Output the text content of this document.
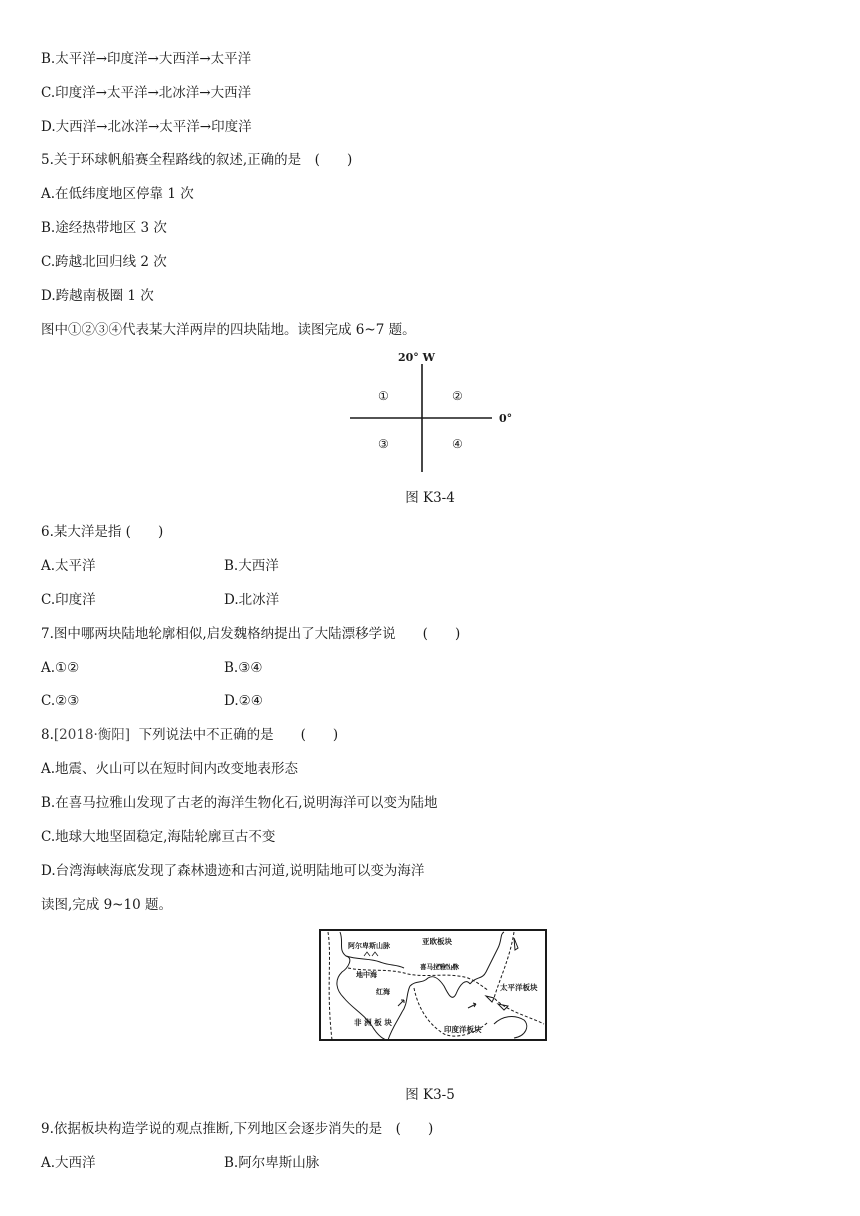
B.太平洋→印度洋→大西洋→太平洋
C.印度洋→太平洋→北冰洋→大西洋
D.大西洋→北冰洋→太平洋→印度洋
5.关于环球帆船赛全程路线的叙述,正确的是　(　　)
A.在低纬度地区停靠 1 次
B.途经热带地区 3 次
C.跨越北回归线 2 次
D.跨越南极圈 1 次
图中①②③④代表某大洋两岸的四块陆地。读图完成 6~7 题。
20° W
0°
①	②
③	④
图 K3-4
6.某大洋是指 (　　)
A.太平洋	B.大西洋
C.印度洋	D.北冰洋
7.图中哪两块陆地轮廓相似,启发魏格纳提出了大陆漂移学说　　(　　)
A.①②	B.③④
C.②③	D.②④
8.[2018·衡阳]  下列说法中不正确的是　　(　　)
A.地震、火山可以在短时间内改变地表形态
B.在喜马拉雅山发现了古老的海洋生物化石,说明海洋可以变为陆地
C.地球大地坚固稳定,海陆轮廓亘古不变
D.台湾海峡海底发现了森林遗迹和古河道,说明陆地可以变为海洋
读图,完成 9~10 题。
阿尔卑斯山脉	亚欧板块
喜马拉雅山脉
地中海
红海	太平洋板块
非 洲 板 块
印度洋板块
图 K3-5
9.依据板块构造学说的观点推断,下列地区会逐步消失的是　(　　)
A.大西洋	B.阿尔卑斯山脉
